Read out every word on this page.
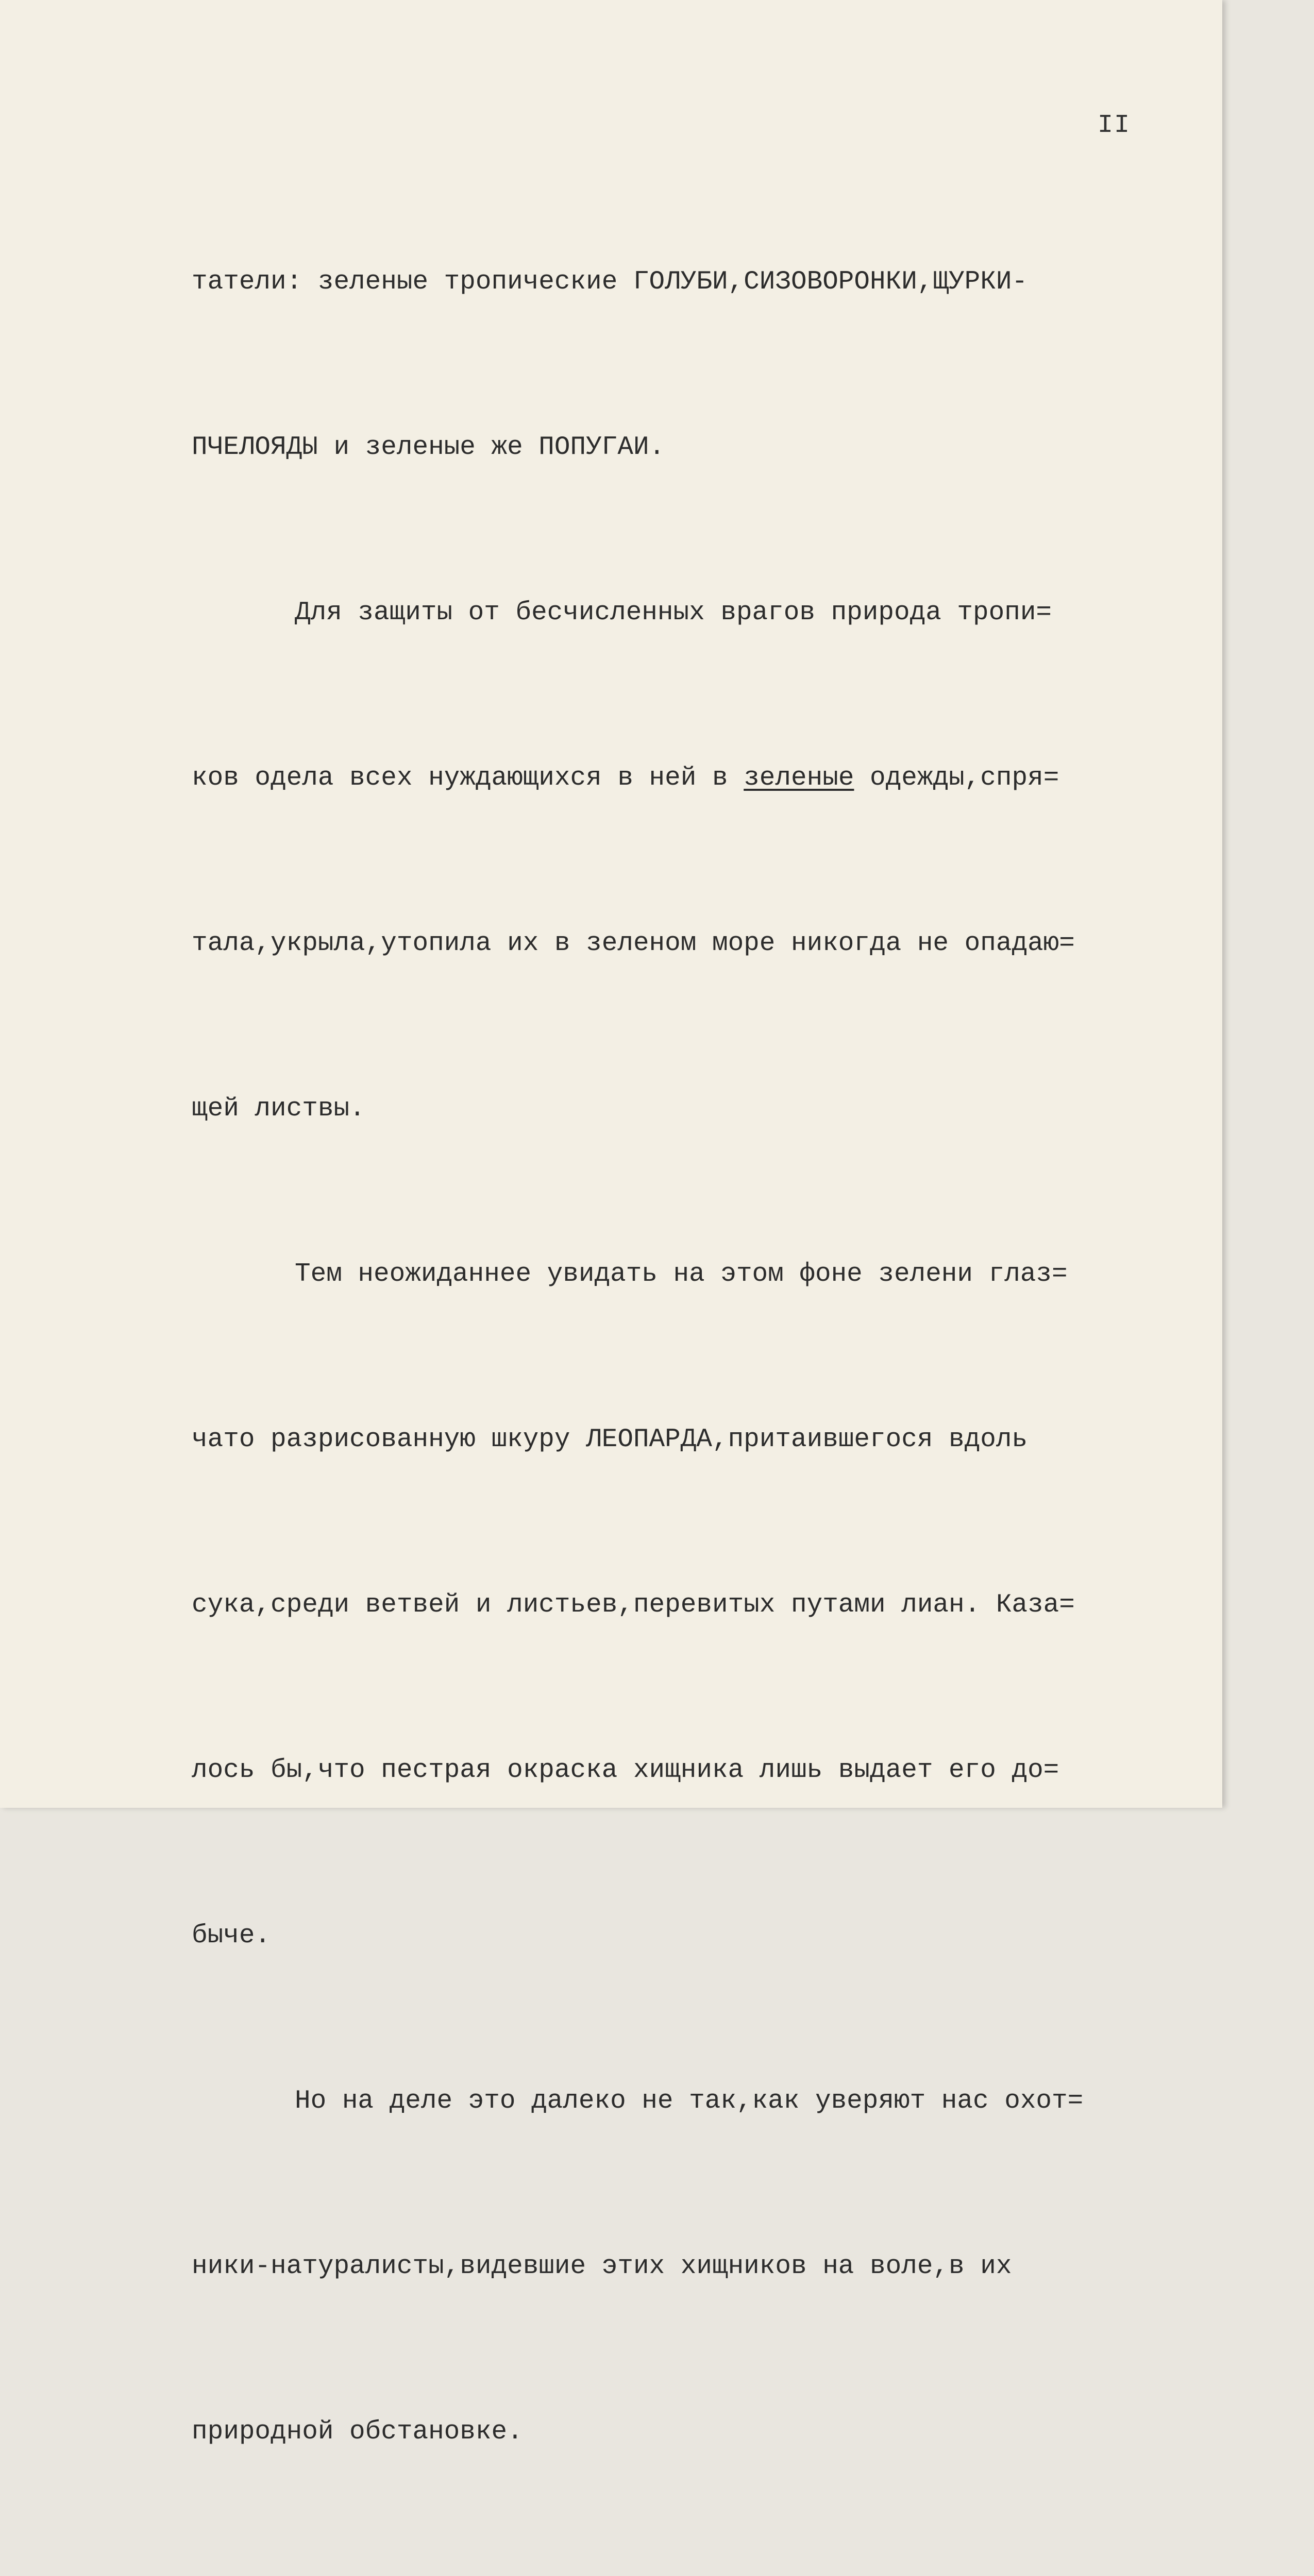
II

татели: зеленые тропические ГОЛУБИ,СИЗОВОРОНКИ,ЩУРКИ-

ПЧЕЛОЯДЫ и зеленые же ПОПУГАИ.

Для защиты от бесчисленных врагов природа тропи=

ков одела всех нуждающихся в ней в зеленые одежды,спря=

тала,укрыла,утопила их в зеленом море никогда не опадаю=

щей листвы.

Тем неожиданнее увидать на этом фоне зелени глаз=

чато разрисованную шкуру ЛЕОПАРДА,притаившегося вдоль

сука,среди ветвей и листьев,перевитых путами лиан. Каза=

лось бы,что пестрая окраска хищника лишь выдает его до=

быче.

Но на деле это далеко не так,как уверяют нас охот=

ники-натуралисты,видевшие этих хищников на воле,в их

природной обстановке.
